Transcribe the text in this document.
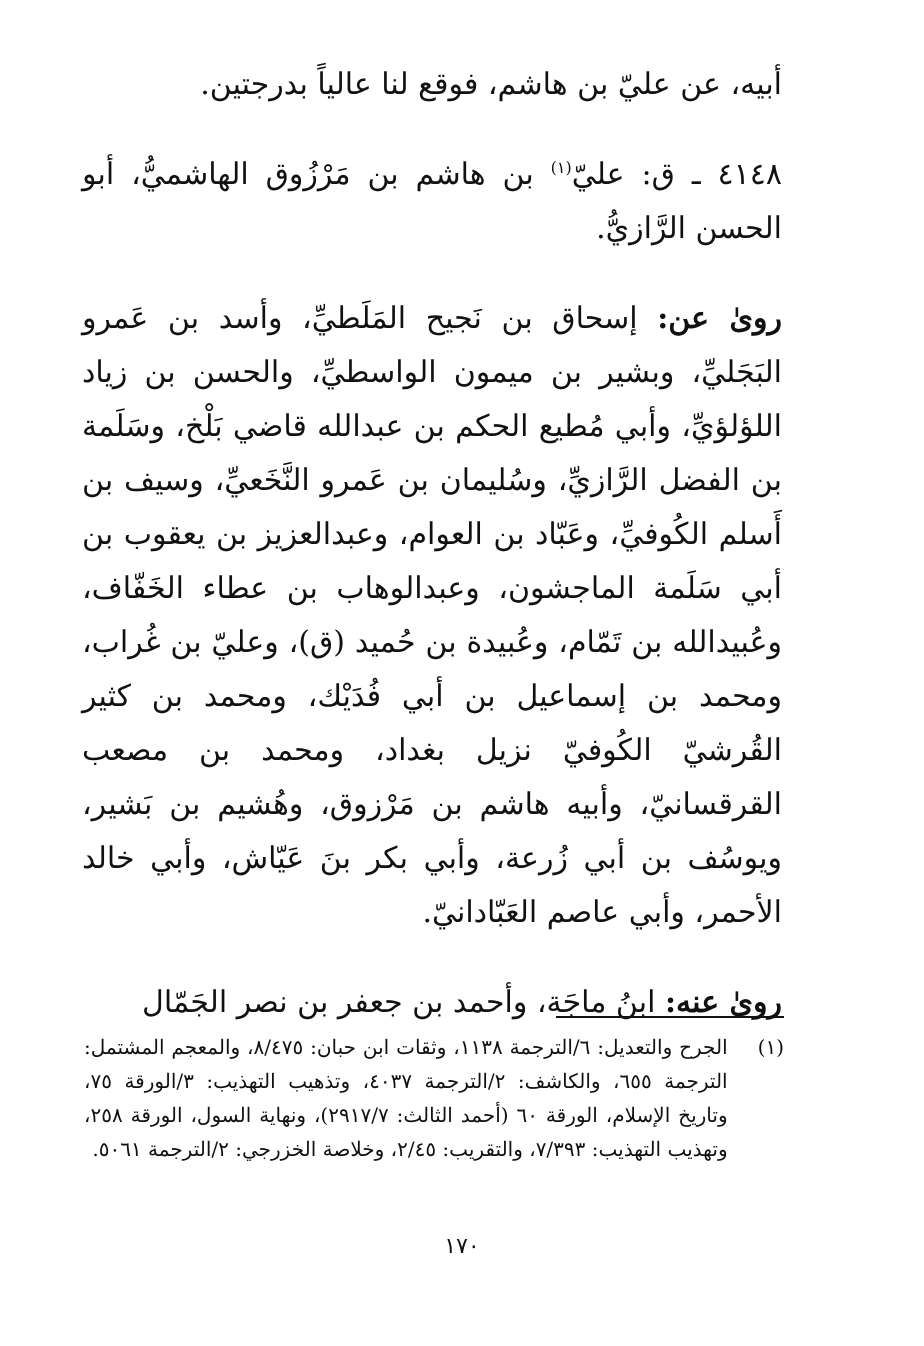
أبيه، عن عليّ بن هاشم، فوقع لنا عالياً بدرجتين.

٤١٤٨ ـ ق: عليّ$^{(١)}$ بن هاشم بن مَرْزُوق الهاشميُّ، أبو الحسن الرَّازيُّ.

روىٰ عن: إسحاق بن نَجيح المَلَطيِّ، وأسد بن عَمرو البَجَليِّ، وبشير بن ميمون الواسطيِّ، والحسن بن زياد اللؤلؤيِّ، وأبي مُطيع الحكم بن عبدالله قاضي بَلْخ، وسَلَمة بن الفضل الرَّازيِّ، وسُليمان بن عَمرو النَّخَعيِّ، وسيف بن أَسلم الكُوفيِّ، وعَبّاد بن العوام، وعبدالعزيز بن يعقوب بن أبي سَلَمة الماجشون، وعبدالوهاب بن عطاء الخَفّاف، وعُبيدالله بن تَمّام، وعُبيدة بن حُميد (ق)، وعليّ بن غُراب، ومحمد بن إسماعيل بن أبي فُدَيْك، ومحمد بن كثير القُرشيّ الكُوفيّ نزيل بغداد، ومحمد بن مصعب القرقسانيّ، وأبيه هاشم بن مَرْزوق، وهُشيم بن بَشير، ويوسُف بن أبي زُرعة، وأبي بكر بنَ عَيّاش، وأبي خالد الأحمر، وأبي عاصم العَبّادانيّ.

روىٰ عنه: ابنُ ماجَة، وأحمد بن جعفر بن نصر الجَمّال

(١)
الجرح والتعديل: ٦/الترجمة ١١٣٨، وثقات ابن حبان: ٨/٤٧٥، والمعجم المشتمل: الترجمة ٦٥٥، والكاشف: ٢/الترجمة ٤٠٣٧، وتذهيب التهذيب: ٣/الورقة ٧٥، وتاريخ الإسلام، الورقة ٦٠ (أحمد الثالث: ٢٩١٧/٧)، ونهاية السول، الورقة ٢٥٨، وتهذيب التهذيب: ٧/٣٩٣، والتقريب: ٢/٤٥، وخلاصة الخزرجي: ٢/الترجمة ٥٠٦١.
١٧٠
